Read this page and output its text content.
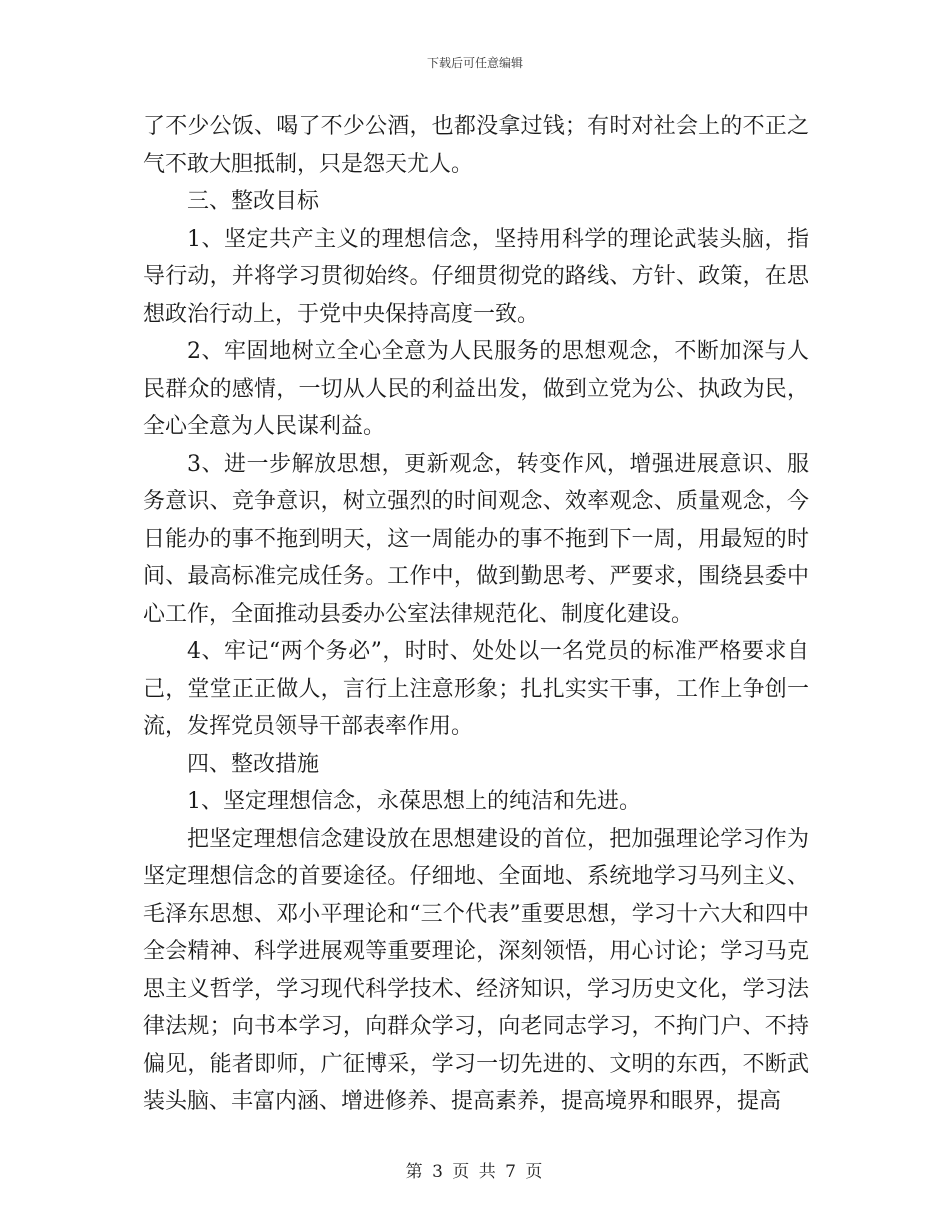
下载后可任意编辑

了不少公饭、喝了不少公酒，也都没拿过钱；有时对社会上的不正之气不敢大胆抵制，只是怨天尤人。

三、整改目标

1、坚定共产主义的理想信念，坚持用科学的理论武装头脑，指导行动，并将学习贯彻始终。仔细贯彻党的路线、方针、政策，在思想政治行动上，于党中央保持高度一致。

2、牢固地树立全心全意为人民服务的思想观念，不断加深与人民群众的感情，一切从人民的利益出发，做到立党为公、执政为民，全心全意为人民谋利益。

3、进一步解放思想，更新观念，转变作风，增强进展意识、服务意识、竞争意识，树立强烈的时间观念、效率观念、质量观念，今日能办的事不拖到明天，这一周能办的事不拖到下一周，用最短的时间、最高标准完成任务。工作中，做到勤思考、严要求，围绕县委中心工作，全面推动县委办公室法律规范化、制度化建设。

4、牢记“两个务必”，时时、处处以一名党员的标准严格要求自己，堂堂正正做人，言行上注意形象；扎扎实实干事，工作上争创一流，发挥党员领导干部表率作用。

四、整改措施

1、坚定理想信念，永葆思想上的纯洁和先进。

把坚定理想信念建设放在思想建设的首位，把加强理论学习作为坚定理想信念的首要途径。仔细地、全面地、系统地学习马列主义、毛泽东思想、邓小平理论和“三个代表”重要思想，学习十六大和四中全会精神、科学进展观等重要理论，深刻领悟，用心讨论；学习马克思主义哲学，学习现代科学技术、经济知识，学习历史文化，学习法律法规；向书本学习，向群众学习，向老同志学习，不拘门户、不持偏见，能者即师，广征博采，学习一切先进的、文明的东西，不断武装头脑、丰富内涵、增进修养、提高素养，提高境界和眼界，提高

第 3 页 共 7 页
